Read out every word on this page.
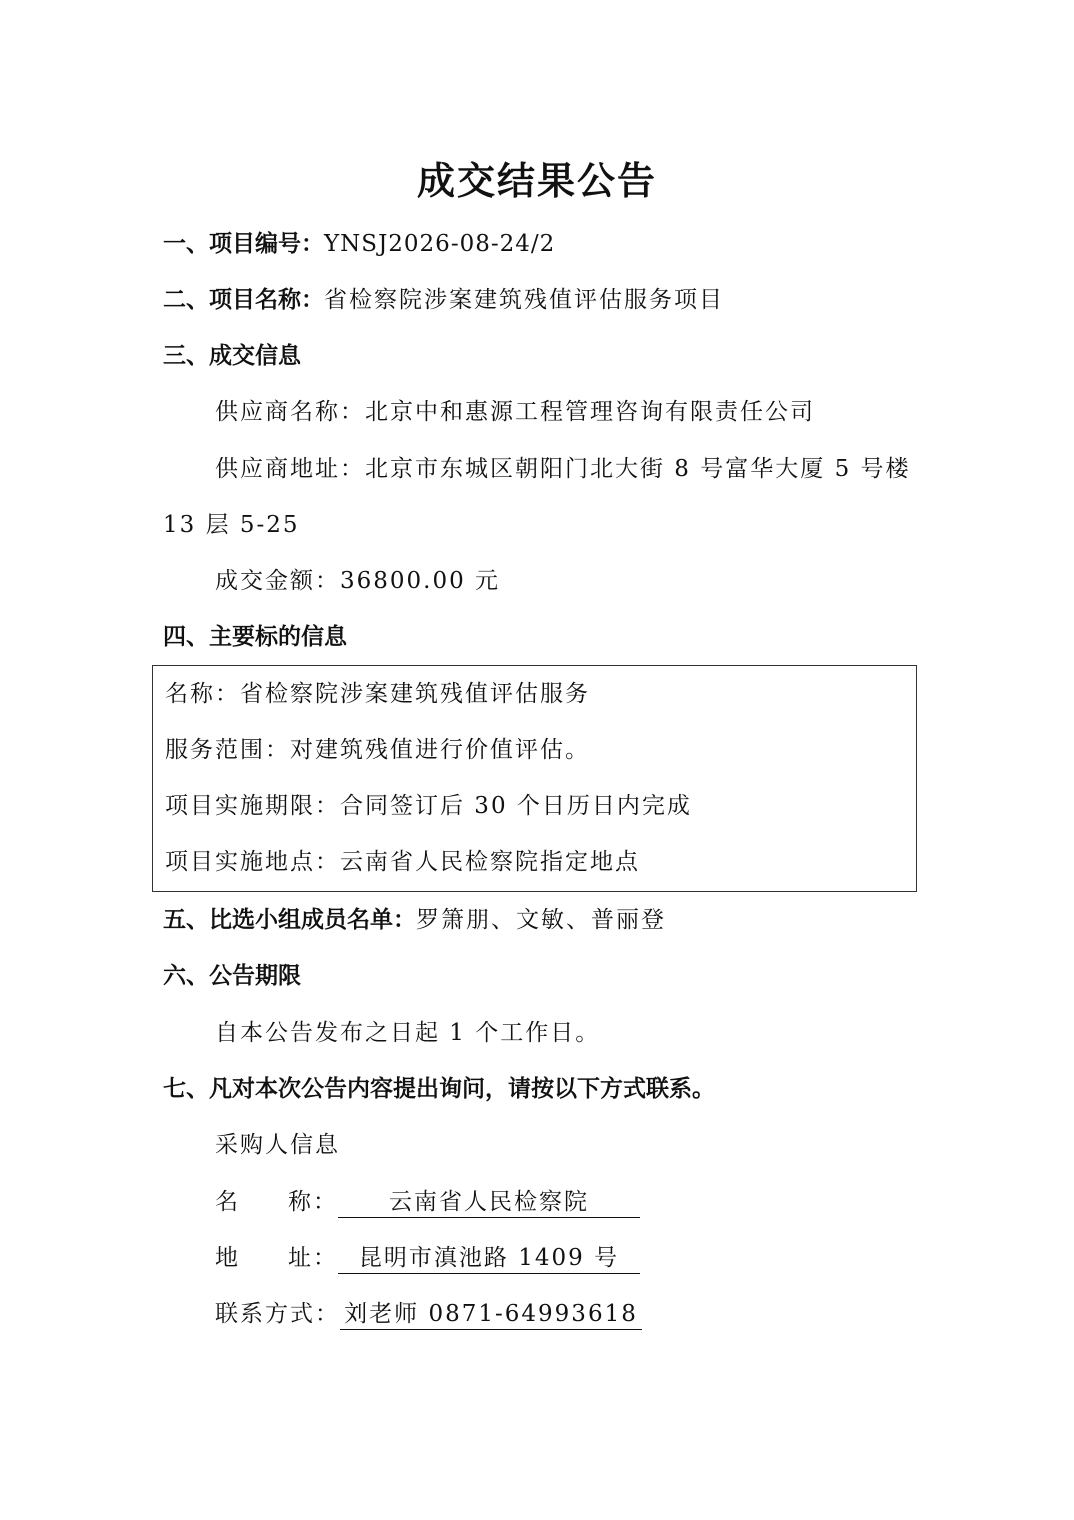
成交结果公告
一、项目编号：YNSJ2026-08-24/2
二、项目名称：省检察院涉案建筑残值评估服务项目
三、成交信息
供应商名称：北京中和惠源工程管理咨询有限责任公司
供应商地址：北京市东城区朝阳门北大街 8 号富华大厦 5 号楼
13 层 5-25
成交金额：36800.00 元
四、主要标的信息
名称：省检察院涉案建筑残值评估服务
服务范围：对建筑残值进行价值评估。
项目实施期限：合同签订后 30 个日历日内完成
项目实施地点：云南省人民检察院指定地点
五、比选小组成员名单：罗箫朋、文敏、普丽登
六、公告期限
自本公告发布之日起 1 个工作日。
七、凡对本次公告内容提出询问，请按以下方式联系。
采购人信息
名 称： 云南省人民检察院
地 址： 昆明市滇池路 1409 号
联系方式： 刘老师 0871-64993618
